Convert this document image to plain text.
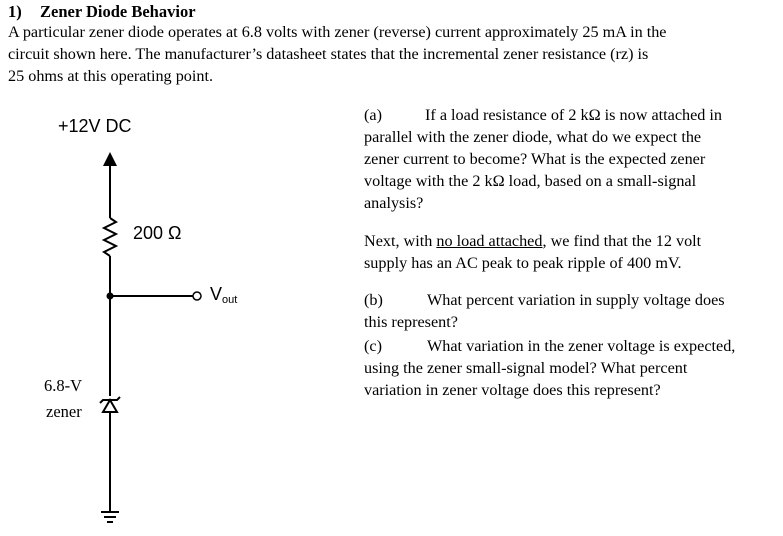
1) Zener Diode Behavior
A particular zener diode operates at 6.8 volts with zener (reverse) current approximately 25 mA in the
circuit shown here. The manufacturer’s datasheet states that the incremental zener resistance (rz) is
25 ohms at this operating point.
+12V DC
200 Ω
$V_{out}$
6.8-V
zener
(a)	If a load resistance of 2 kΩ is now attached in
parallel with the zener diode, what do we expect the
zener current to become? What is the expected zener
voltage with the 2 kΩ load, based on a small-signal
analysis?
Next, with no load attached, we find that the 12 volt
supply has an AC peak to peak ripple of 400 mV.
(b)	What percent variation in supply voltage does
this represent?
(c)	What variation in the zener voltage is expected,
using the zener small-signal model? What percent
variation in zener voltage does this represent?
